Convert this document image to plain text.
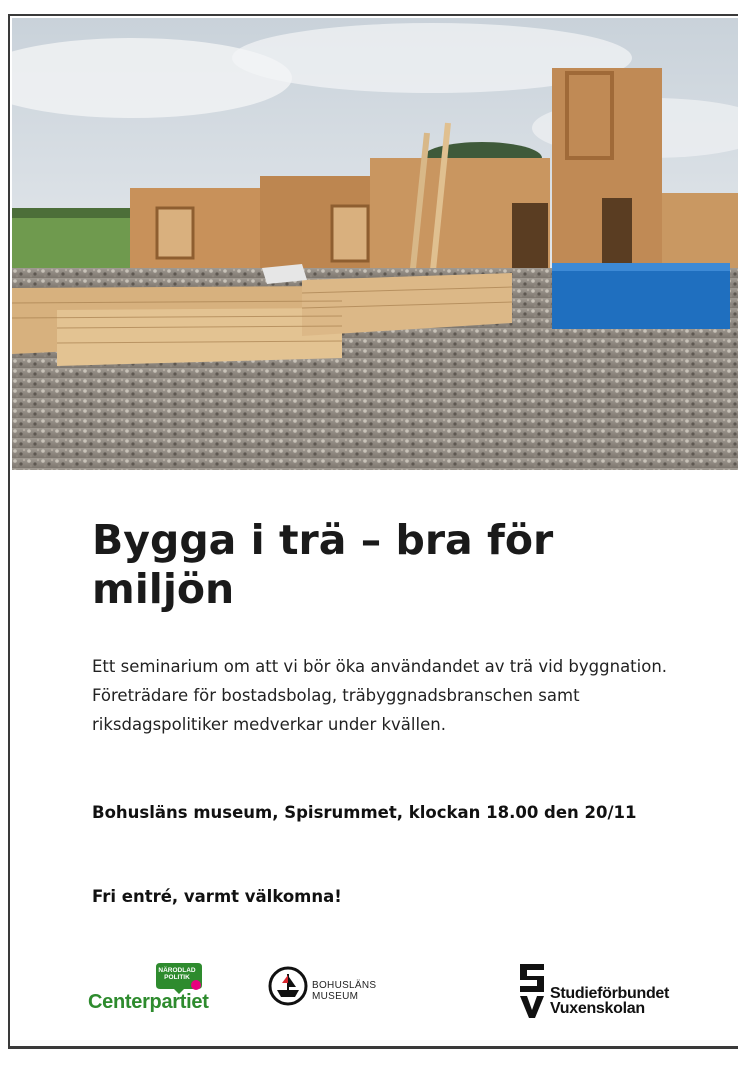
Bygga i trä – bra för miljön

Ett seminarium om att vi bör öka användandet av trä vid byggnation. Företrädare för bostadsbolag, träbyggnadsbranschen samt riksdagspolitiker medverkar under kvällen.

Bohusläns museum, Spisrummet, klockan 18.00 den 20/11

Fri entré, varmt välkomna!

NÄRODLAD POLITIK
Centerpartiet
BOHUSLÄNS
MUSEUM	Studieförbundet
Vuxenskolan
